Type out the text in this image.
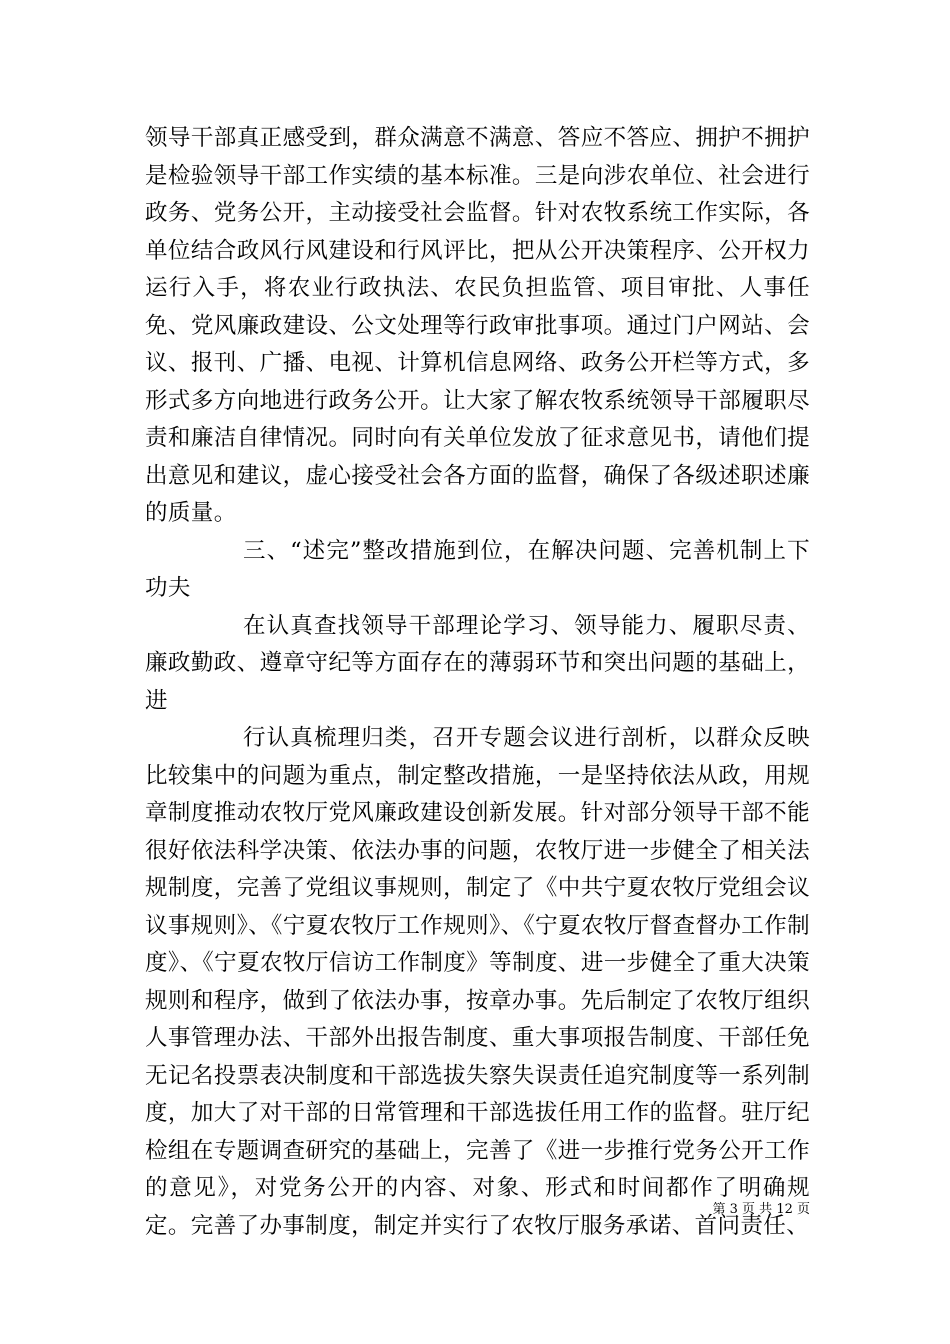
领导干部真正感受到，群众满意不满意、答应不答应、拥护不拥护是检验领导干部工作实绩的基本标准。三是向涉农单位、社会进行政务、党务公开，主动接受社会监督。针对农牧系统工作实际，各单位结合政风行风建设和行风评比，把从公开决策程序、公开权力运行入手，将农业行政执法、农民负担监管、项目审批、人事任免、党风廉政建设、公文处理等行政审批事项。通过门户网站、会议、报刊、广播、电视、计算机信息网络、政务公开栏等方式，多形式多方向地进行政务公开。让大家了解农牧系统领导干部履职尽责和廉洁自律情况。同时向有关单位发放了征求意见书，请他们提出意见和建议，虚心接受社会各方面的监督，确保了各级述职述廉的质量。

三、“述完”整改措施到位，在解决问题、完善机制上下功夫

在认真查找领导干部理论学习、领导能力、履职尽责、廉政勤政、遵章守纪等方面存在的薄弱环节和突出问题的基础上，进

行认真梳理归类，召开专题会议进行剖析，以群众反映比较集中的问题为重点，制定整改措施，一是坚持依法从政，用规章制度推动农牧厅党风廉政建设创新发展。针对部分领导干部不能很好依法科学决策、依法办事的问题，农牧厅进一步健全了相关法规制度，完善了党组议事规则，制定了《中共宁夏农牧厅党组会议议事规则》、《宁夏农牧厅工作规则》、《宁夏农牧厅督查督办工作制度》、《宁夏农牧厅信访工作制度》等制度、进一步健全了重大决策规则和程序，做到了依法办事，按章办事。先后制定了农牧厅组织人事管理办法、干部外出报告制度、重大事项报告制度、干部任免无记名投票表决制度和干部选拔失察失误责任追究制度等一系列制度，加大了对干部的日常管理和干部选拔任用工作的监督。驻厅纪检组在专题调查研究的基础上，完善了《进一步推行党务公开工作的意见》，对党务公开的内容、对象、形式和时间都作了明确规定。完善了办事制度，制定并实行了农牧厅服务承诺、首问责任、

第 3 页 共 12 页
